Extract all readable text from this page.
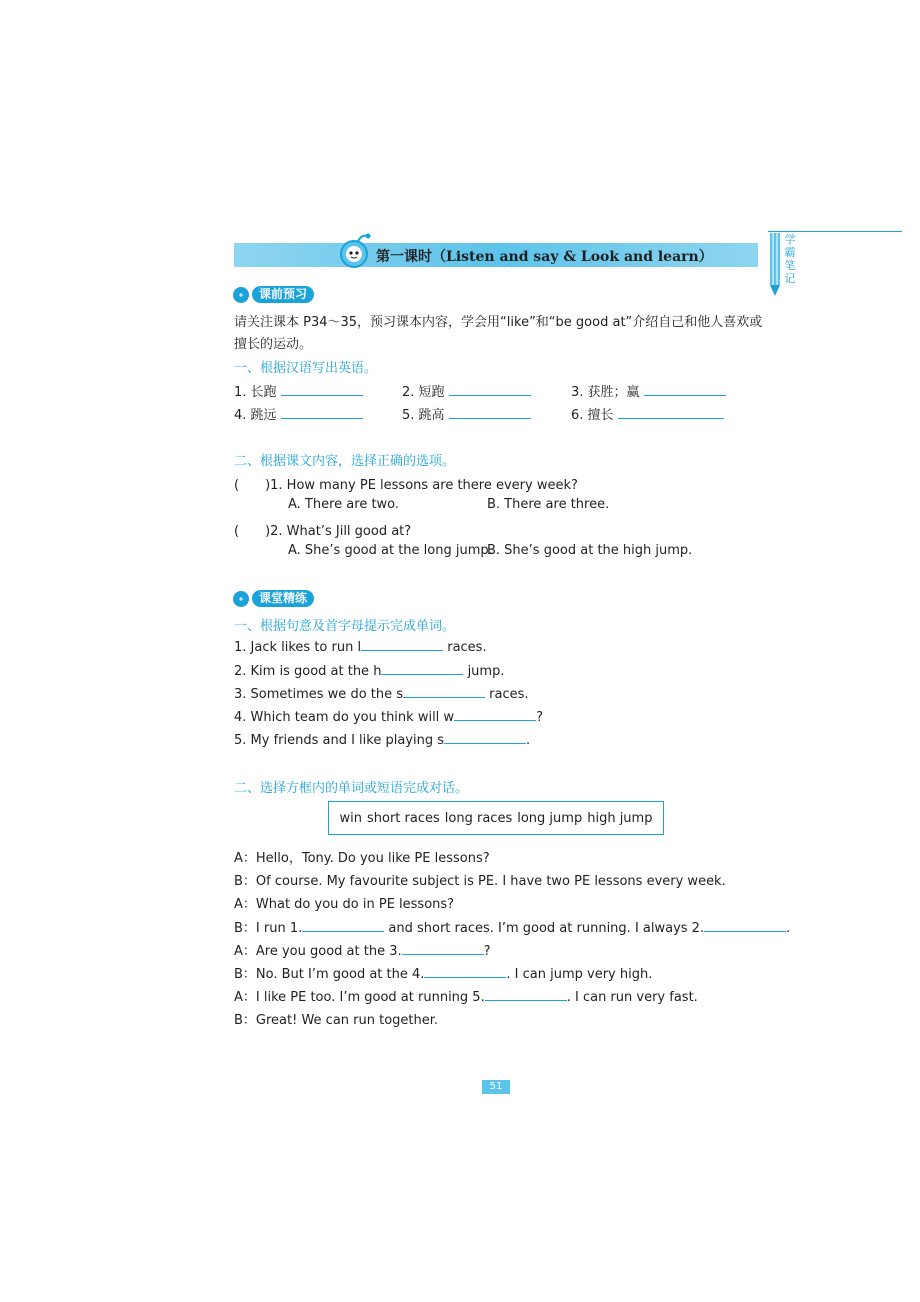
学霸笔记
第一课时（Listen and say & Look and learn）
课前预习
请关注课本 P34～35，预习课本内容，学会用“like”和“be good at”介绍自己和他人喜欢或
擅长的运动。
一、根据汉语写出英语。
1. 长跑	2. 短跑	3. 获胜；赢
4. 跳远	5. 跳高	6. 擅长
二、根据课文内容，选择正确的选项。
(　　)1. How many PE lessons are there every week?
A. There are two.	B. There are three.
(　　)2. What’s Jill good at?
A. She’s good at the long jump.
B. She’s good at the high jump.
课堂精练
一、根据句意及首字母提示完成单词。
1. Jack likes to run l	races.
2. Kim is good at the h	jump.
3. Sometimes we do the s	races.
4. Which team do you think will w	?
5. My friends and I like playing s	.
二、选择方框内的单词或短语完成对话。
win short races long races long jump high jump
A：Hello，Tony. Do you like PE lessons?
B：Of course. My favourite subject is PE. I have two PE lessons every week.
A：What do you do in PE lessons?
B：I run 1.	and short races. I’m good at running. I always 2.	.
A：Are you good at the 3.	?
B：No. But I’m good at the 4.	. I can jump very high.
A：I like PE too. I’m good at running 5.	. I can run very fast.
B：Great! We can run together.
51
